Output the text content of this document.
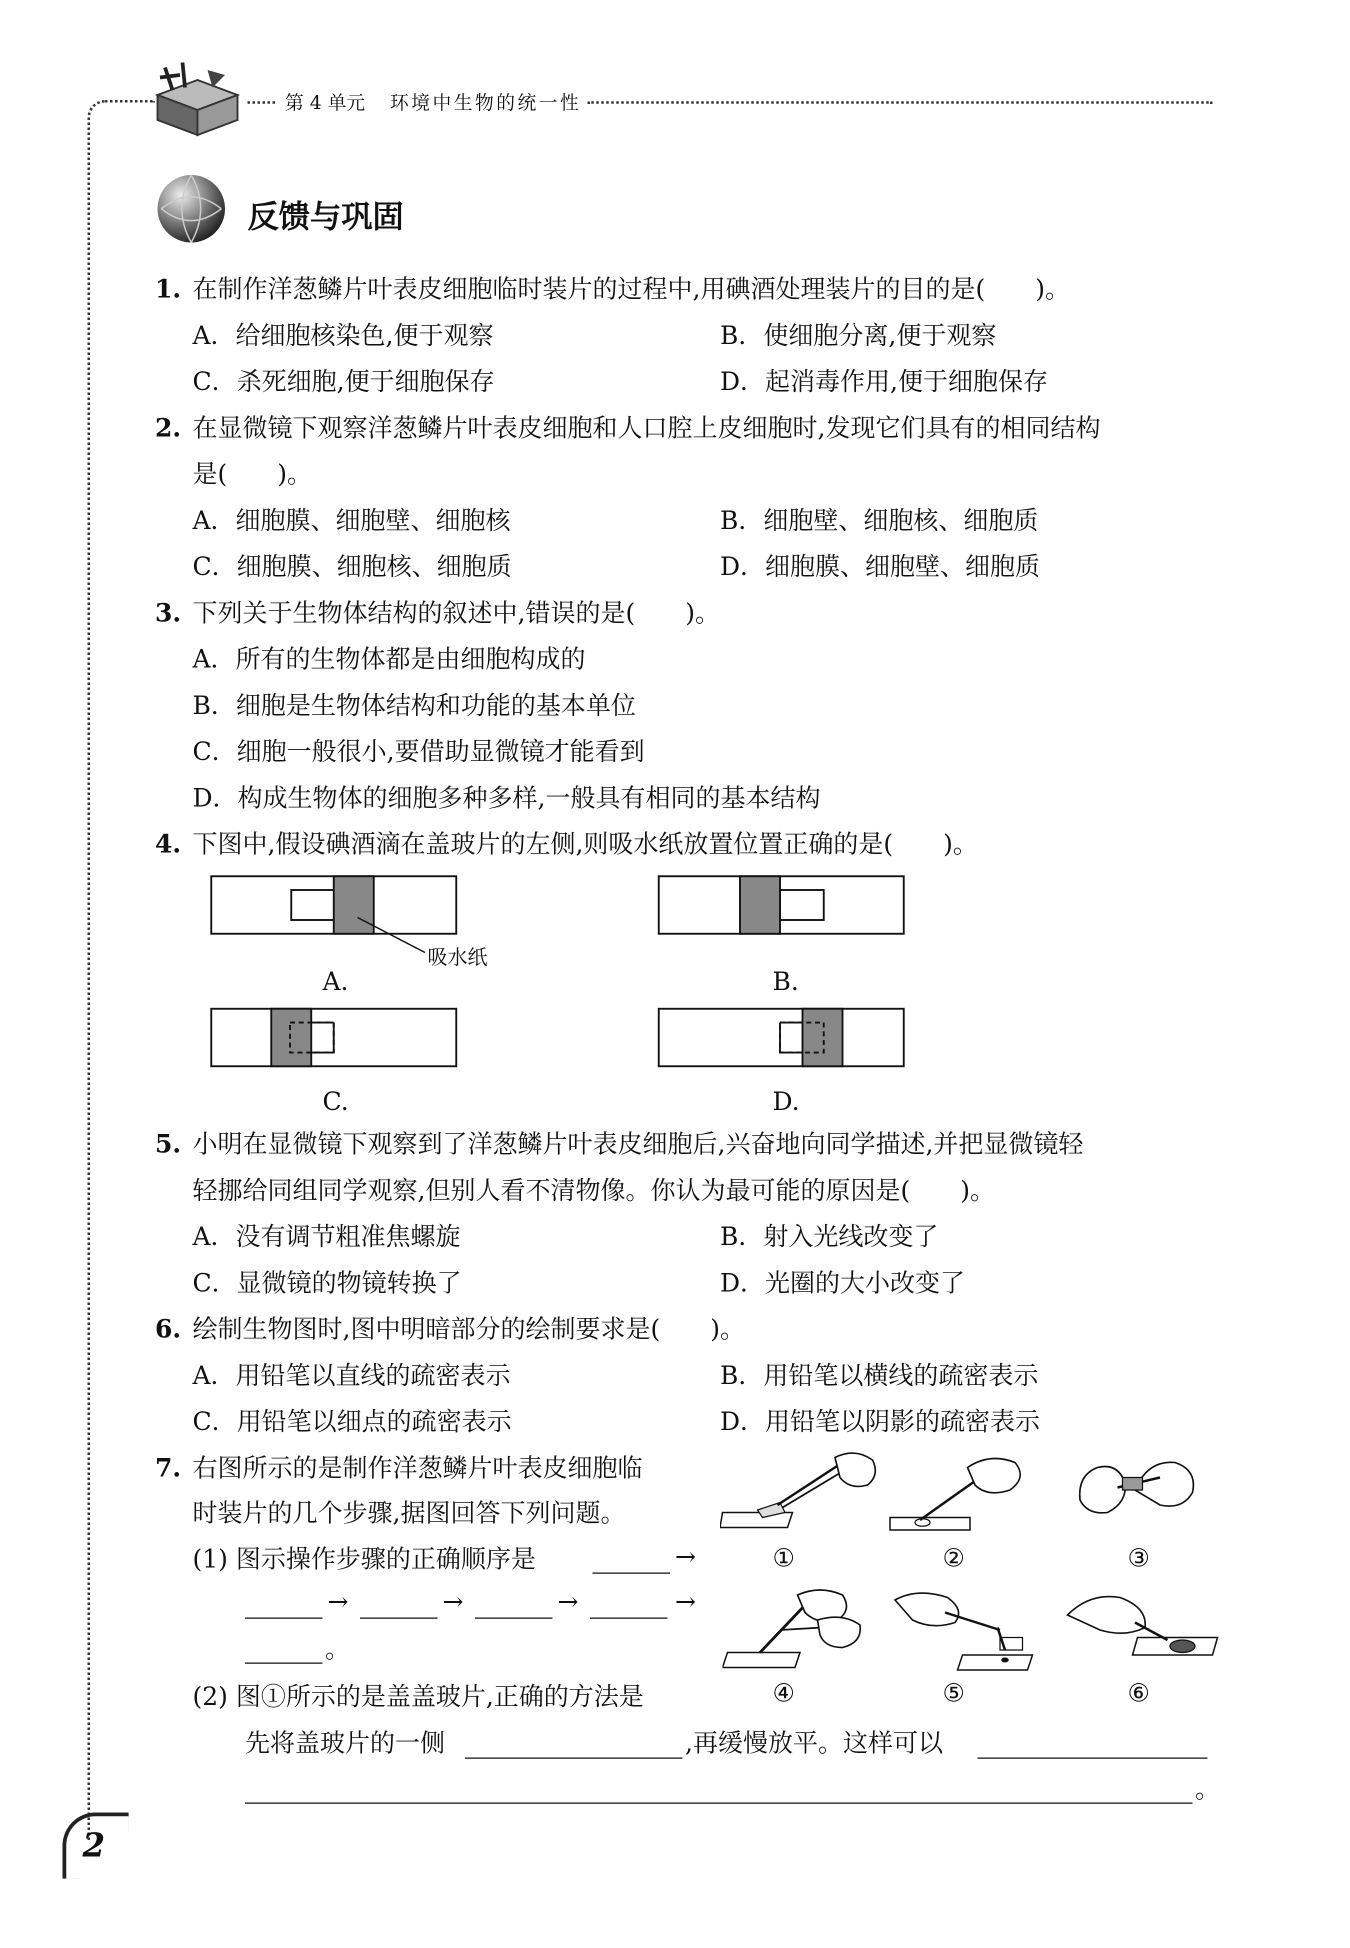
第 4 单元 环境中生物的统一性
反馈与巩固
1. 在制作洋葱鳞片叶表皮细胞临时装片的过程中,用碘酒处理装片的目的是(　　)。
A．给细胞核染色,便于观察	B．使细胞分离,便于观察
C．杀死细胞,便于细胞保存	D．起消毒作用,便于细胞保存
2. 在显微镜下观察洋葱鳞片叶表皮细胞和人口腔上皮细胞时,发现它们具有的相同结构
是(　　)。
A．细胞膜、细胞壁、细胞核	B．细胞壁、细胞核、细胞质
C．细胞膜、细胞核、细胞质	D．细胞膜、细胞壁、细胞质
3. 下列关于生物体结构的叙述中,错误的是(　　)。
A．所有的生物体都是由细胞构成的
B．细胞是生物体结构和功能的基本单位
C．细胞一般很小,要借助显微镜才能看到
D．构成生物体的细胞多种多样,一般具有相同的基本结构
4. 下图中,假设碘酒滴在盖玻片的左侧,则吸水纸放置位置正确的是(　　)。
吸水纸
A.	B.
C.	D.
5. 小明在显微镜下观察到了洋葱鳞片叶表皮细胞后,兴奋地向同学描述,并把显微镜轻
轻挪给同组同学观察,但别人看不清物像。你认为最可能的原因是(　　)。
A．没有调节粗准焦螺旋	B．射入光线改变了
C．显微镜的物镜转换了	D．光圈的大小改变了
6. 绘制生物图时,图中明暗部分的绘制要求是(　　)。
A．用铅笔以直线的疏密表示	B．用铅笔以横线的疏密表示
C．用铅笔以细点的疏密表示	D．用铅笔以阴影的疏密表示
7. 右图所示的是制作洋葱鳞片叶表皮细胞临
时装片的几个步骤,据图回答下列问题。
(1) 图示操作步骤的正确顺序是	→
→	→	→	→
。
(2) 图①所示的是盖盖玻片,正确的方法是
先将盖玻片的一侧	,再缓慢放平。这样可以
。
①	②	③
④	⑤	⑥
2
